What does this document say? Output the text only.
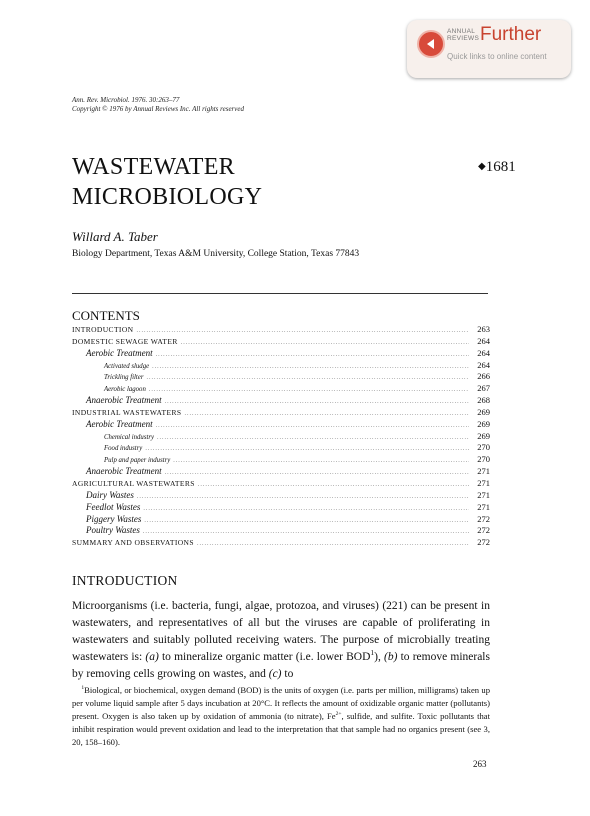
ANNUAL
REVIEWS Further
Quick links to online content
Ann. Rev. Microbiol. 1976. 30:263–77
Copyright © 1976 by Annual Reviews Inc. All rights reserved
WASTEWATER
MICROBIOLOGY
◆1681
Willard A. Taber
Biology Department, Texas A&M University, College Station, Texas 77843
CONTENTS
INTRODUCTION .....	263
DOMESTIC SEWAGE WATER .....	264
Aerobic Treatment .....	264
Activated sludge .....	264
Trickling filter .....	266
Aerobic lagoon .....	267
Anaerobic Treatment .....	268
INDUSTRIAL WASTEWATERS .....	269
Aerobic Treatment .....	269
Chemical industry .....	269
Food industry .....	270
Pulp and paper industry .....	270
Anaerobic Treatment .....	271
AGRICULTURAL WASTEWATERS .....	271
Dairy Wastes .....	271
Feedlot Wastes .....	271
Piggery Wastes .....	272
Poultry Wastes .....	272
SUMMARY AND OBSERVATIONS .....	272
INTRODUCTION
Microorganisms (i.e. bacteria, fungi, algae, protozoa, and viruses) (221) can be present in wastewaters, and representatives of all but the viruses are capable of proliferating in wastewaters and suitably polluted receiving waters. The purpose of microbially treating wastewaters is: (a) to mineralize organic matter (i.e. lower BOD$^1$), (b) to remove minerals by removing cells growing on wastes, and (c) to
$^1$Biological, or biochemical, oxygen demand (BOD) is the units of oxygen (i.e. parts per million, milligrams) taken up per volume liquid sample after 5 days incubation at 20°C. It reflects the amount of oxidizable organic matter (pollutants) present. Oxygen is also taken up by oxidation of ammonia (to nitrate), $Fe^{2+}$, sulfide, and sulfite. Toxic pollutants that inhibit respiration would prevent oxidation and lead to the interpretation that that sample had no organics present (see 3, 20, 158–160).
263
